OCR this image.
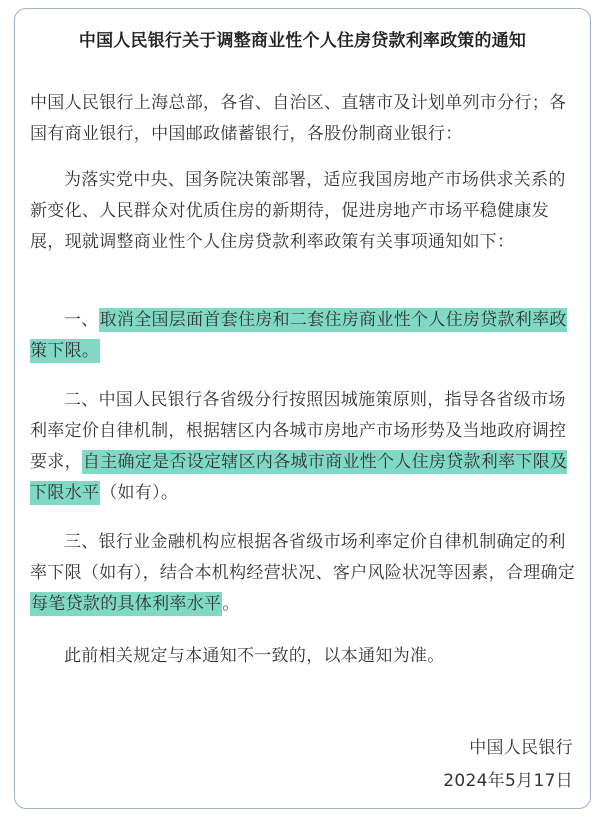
中国人民银行关于调整商业性个人住房贷款利率政策的通知

中国人民银行上海总部，各省、自治区、直辖市及计划单列市分行；各国有商业银行，中国邮政储蓄银行，各股份制商业银行：

为落实党中央、国务院决策部署，适应我国房地产市场供求关系的新变化、人民群众对优质住房的新期待，促进房地产市场平稳健康发展，现就调整商业性个人住房贷款利率政策有关事项通知如下：

一、取消全国层面首套住房和二套住房商业性个人住房贷款利率政策下限。

二、中国人民银行各省级分行按照因城施策原则，指导各省级市场利率定价自律机制，根据辖区内各城市房地产市场形势及当地政府调控要求，自主确定是否设定辖区内各城市商业性个人住房贷款利率下限及下限水平（如有）。

三、银行业金融机构应根据各省级市场利率定价自律机制确定的利率下限（如有），结合本机构经营状况、客户风险状况等因素，合理确定每笔贷款的具体利率水平。

此前相关规定与本通知不一致的，以本通知为准。

中国人民银行
2024年5月17日
